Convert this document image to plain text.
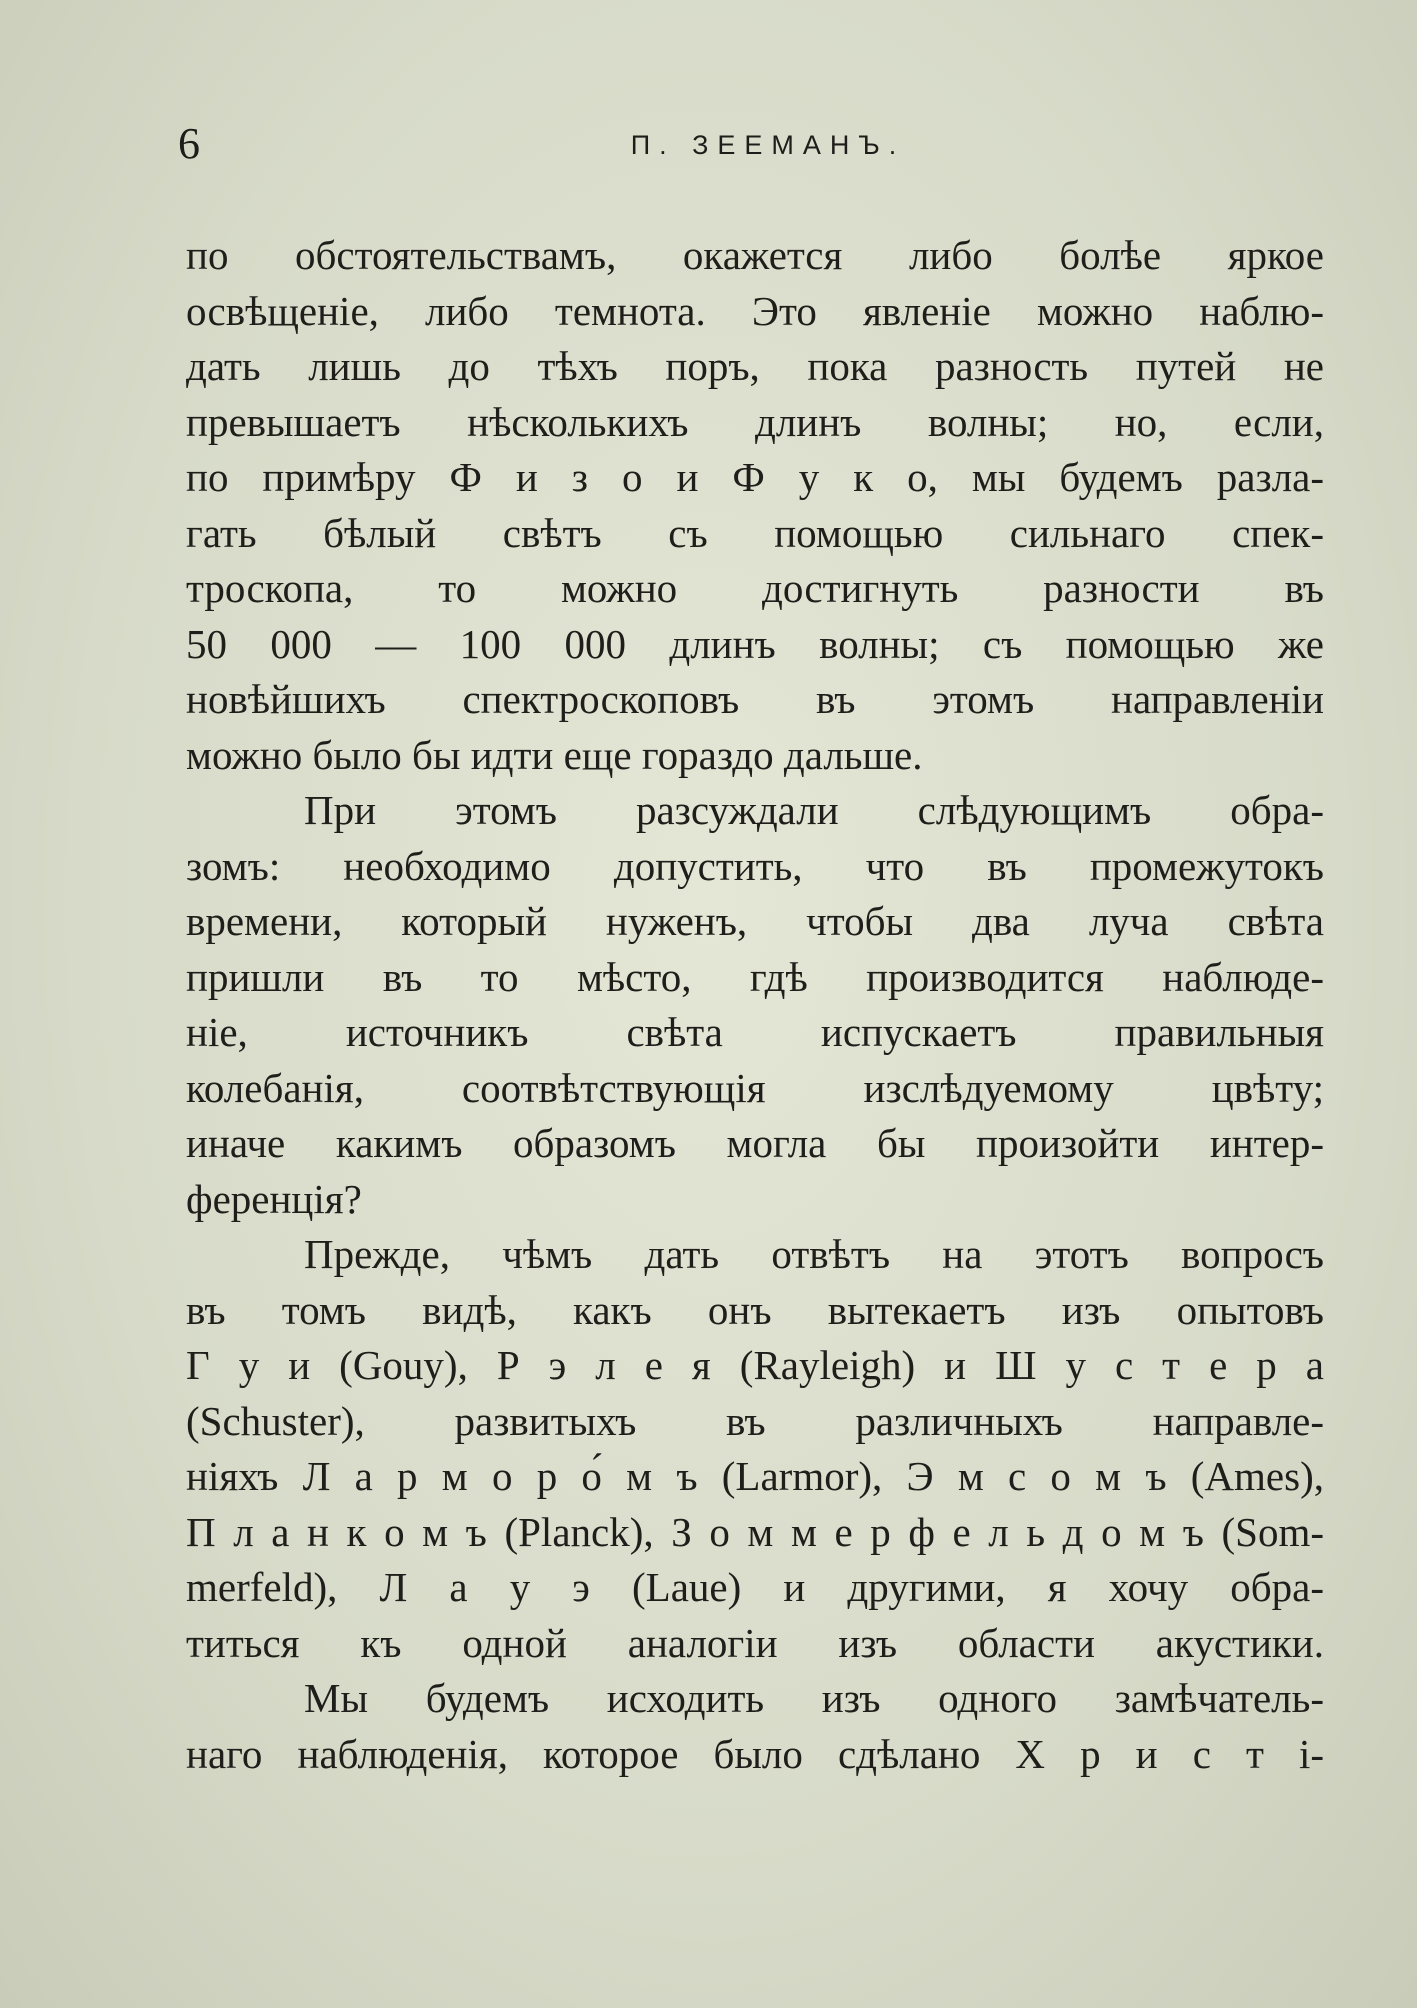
6	П. ЗЕЕМАНЪ.
по обстоятельствамъ, окажется либо болѣе яркое
освѣщеніе, либо темнота. Это явленіе можно наблю-
дать лишь до тѣхъ поръ, пока разность путей не
превышаетъ нѣсколькихъ длинъ волны; но, если,
по примѣру Ф и з о и Ф у к о, мы будемъ разла-
гать бѣлый свѣтъ съ помощью сильнаго спек-
троскопа, то можно достигнуть разности въ
50 000 — 100 000 длинъ волны; съ помощью же
новѣйшихъ спектроскоповъ въ этомъ направленіи
можно было бы идти еще гораздо дальше.
При этомъ разсуждали слѣдующимъ обра-
зомъ: необходимо допустить, что въ промежутокъ
времени, который нуженъ, чтобы два луча свѣта
пришли въ то мѣсто, гдѣ производится наблюде-
ніе, источникъ свѣта испускаетъ правильныя
колебанія, соотвѣтствующія изслѣдуемому цвѣту;
иначе какимъ образомъ могла бы произойти интер-
ференція?
Прежде, чѣмъ дать отвѣтъ на этотъ вопросъ
въ томъ видѣ, какъ онъ вытекаетъ изъ опытовъ
Г у и (Gouy), Р э л е я (Rayleigh) и Ш у с т е р а
(Schuster), развитыхъ въ различныхъ направле-
ніяхъ Л а р м о р о́ м ъ (Larmor), Э м с о м ъ (Ames),
П л а н к о м ъ (Planck), З о м м е р ф е л ь д о м ъ (Som-
merfeld), Л а у э (Laue) и другими, я хочу обра-
титься къ одной аналогіи изъ области акустики.
Мы будемъ исходить изъ одного замѣчатель-
наго наблюденія, которое было сдѣлано Х р и с т і-
